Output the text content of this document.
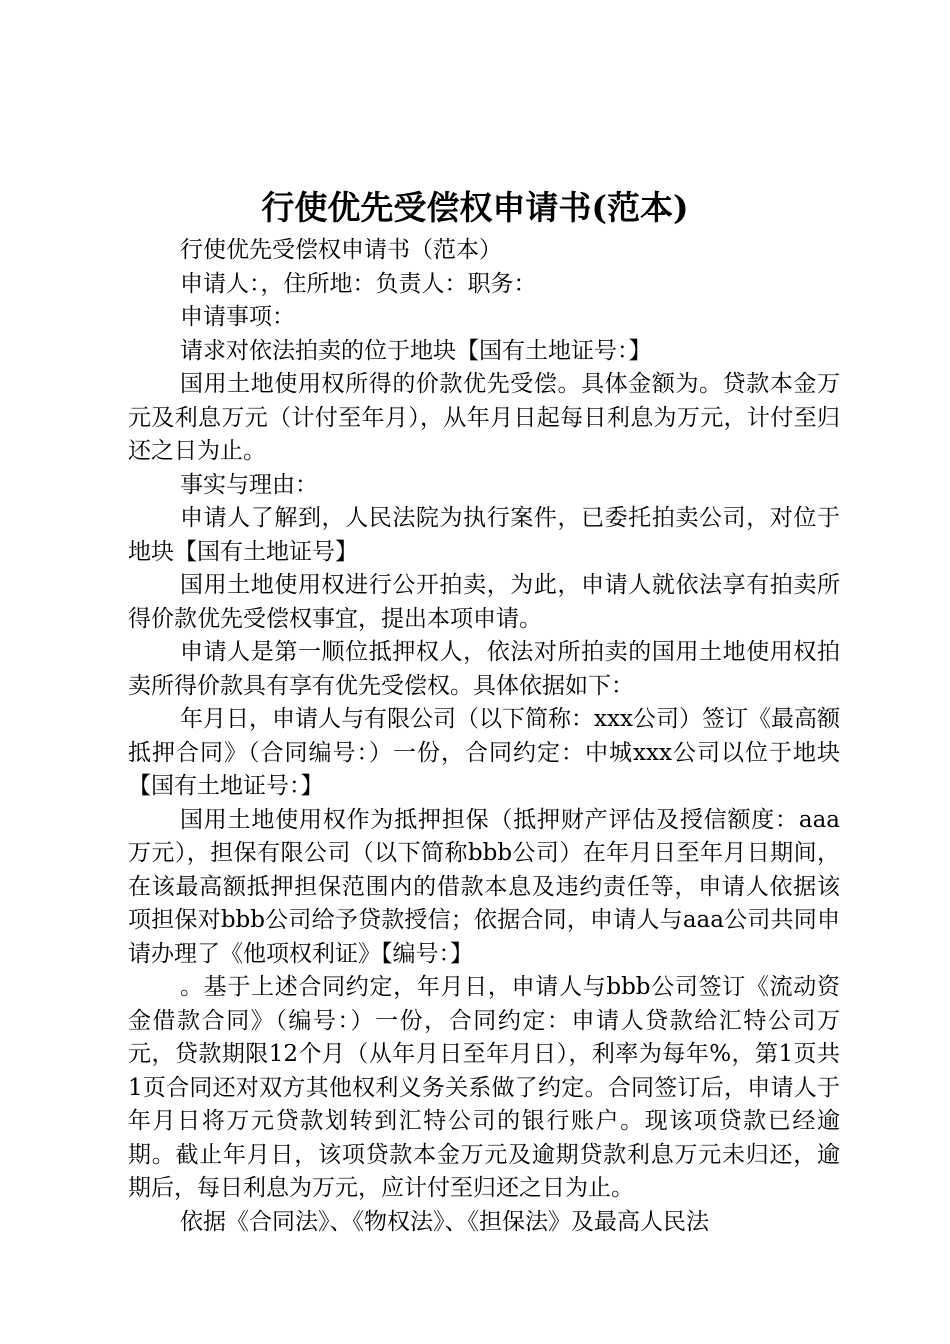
行使优先受偿权申请书(范本)

行使优先受偿权申请书（范本）

申请人：，住所地：负责人：职务：

申请事项：

请求对依法拍卖的位于地块【国有土地证号：】

国用土地使用权所得的价款优先受偿。具体金额为。贷款本金万元及利息万元（计付至年月），从年月日起每日利息为万元，计付至归还之日为止。

事实与理由：

申请人了解到，人民法院为执行案件，已委托拍卖公司，对位于地块【国有土地证号】

国用土地使用权进行公开拍卖，为此，申请人就依法享有拍卖所得价款优先受偿权事宜，提出本项申请。

申请人是第一顺位抵押权人，依法对所拍卖的国用土地使用权拍卖所得价款具有享有优先受偿权。具体依据如下：

年月日，申请人与有限公司（以下简称：xxx公司）签订《最高额抵押合同》（合同编号：）一份，合同约定：中城xxx公司以位于地块【国有土地证号：】

国用土地使用权作为抵押担保（抵押财产评估及授信额度：aaa万元），担保有限公司（以下简称bbb公司）在年月日至年月日期间，在该最高额抵押担保范围内的借款本息及违约责任等，申请人依据该项担保对bbb公司给予贷款授信；依据合同，申请人与aaa公司共同申请办理了《他项权利证》【编号：】

。基于上述合同约定，年月日，申请人与bbb公司签订《流动资金借款合同》（编号：）一份，合同约定：申请人贷款给汇特公司万元，贷款期限12个月（从年月日至年月日），利率为每年%，第1页共1页合同还对双方其他权利义务关系做了约定。合同签订后，申请人于年月日将万元贷款划转到汇特公司的银行账户。现该项贷款已经逾期。截止年月日，该项贷款本金万元及逾期贷款利息万元未归还，逾期后，每日利息为万元，应计付至归还之日为止。

依据《合同法》、《物权法》、《担保法》及最高人民法
